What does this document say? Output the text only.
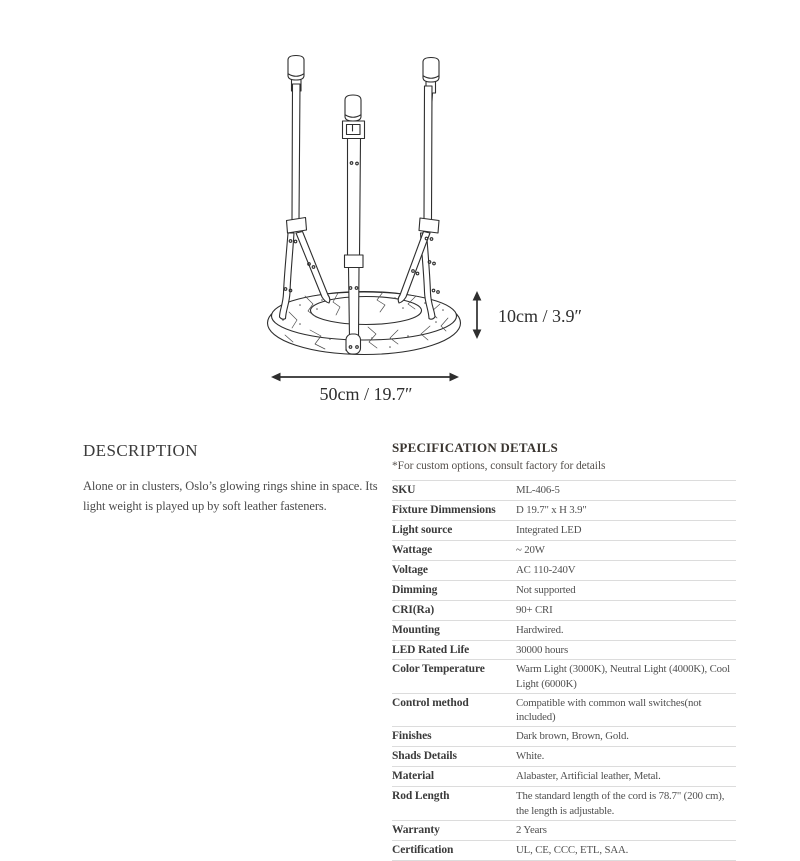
10cm / 3.9″
50cm / 19.7″
DESCRIPTION

Alone or in clusters, Oslo’s glowing rings shine in space. Its light weight is played up by soft leather fasteners.

SPECIFICATION DETAILS
*For custom options, consult factory for details
SKU	ML-406-5
Fixture Dimmensions	D 19.7" x H 3.9"
Light source	Integrated LED
Wattage	~ 20W
Voltage	AC 110-240V
Dimming	Not supported
CRI(Ra)	90+ CRI
Mounting	Hardwired.
LED Rated Life	30000 hours
Color Temperature	Warm Light (3000K), Neutral Light (4000K), Cool Light (6000K)
Control method	Compatible with common wall switches(not included)
Finishes	Dark brown, Brown, Gold.
Shads Details	White.
Material	Alabaster, Artificial leather, Metal.
Rod Length	The standard length of the cord is 78.7" (200 cm), the length is adjustable.
Warranty	2 Years
Certification	UL, CE, CCC, ETL, SAA.
